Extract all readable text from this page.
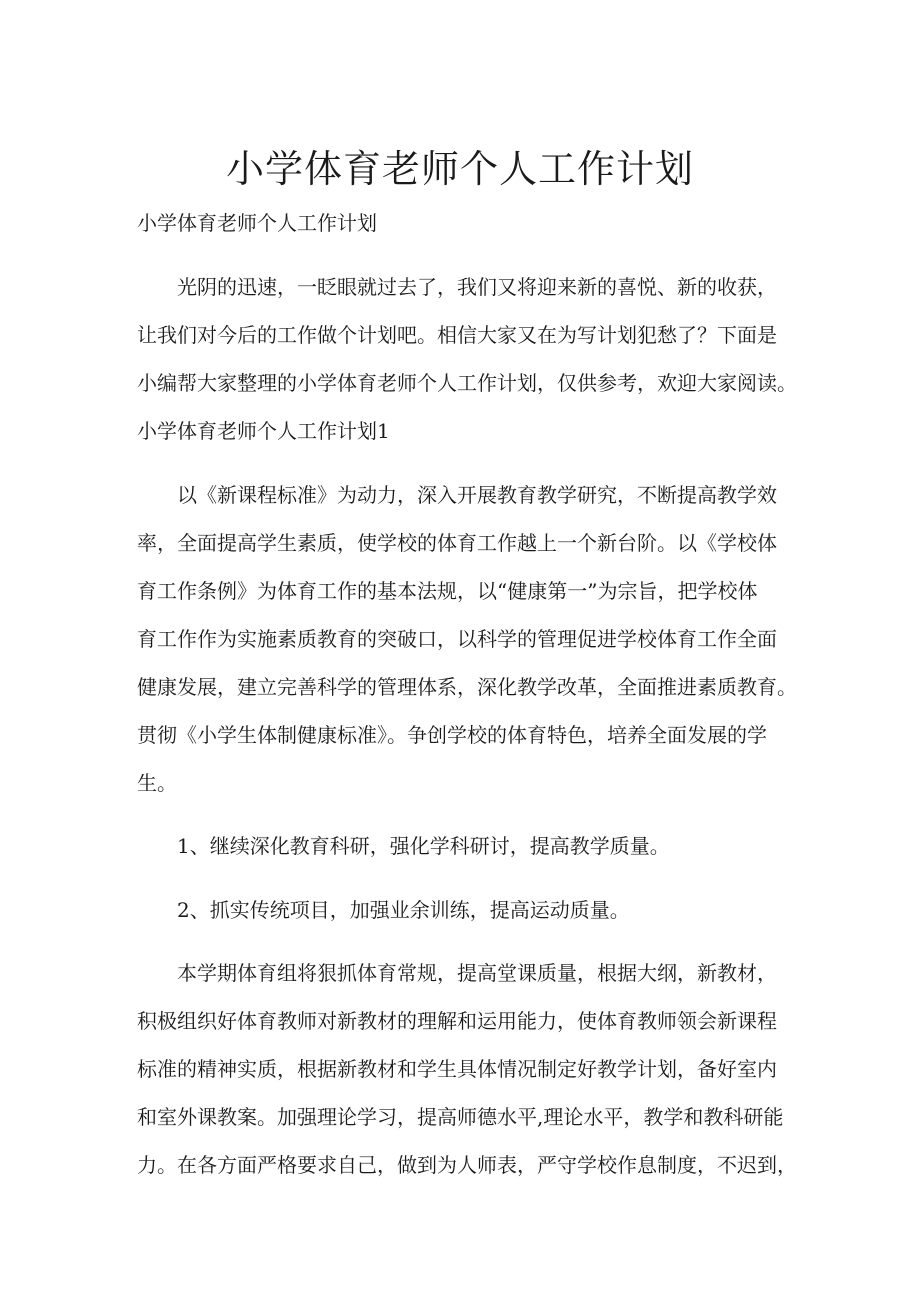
小学体育老师个人工作计划

小学体育老师个人工作计划

光阴的迅速，一眨眼就过去了，我们又将迎来新的喜悦、新的收获，

让我们对今后的工作做个计划吧。相信大家又在为写计划犯愁了？下面是

小编帮大家整理的小学体育老师个人工作计划，仅供参考，欢迎大家阅读。

小学体育老师个人工作计划1

以《新课程标准》为动力，深入开展教育教学研究，不断提高教学效

率，全面提高学生素质，使学校的体育工作越上一个新台阶。以《学校体

育工作条例》为体育工作的基本法规，以“健康第一”为宗旨，把学校体

育工作作为实施素质教育的突破口，以科学的管理促进学校体育工作全面

健康发展，建立完善科学的管理体系，深化教学改革，全面推进素质教育。

贯彻《小学生体制健康标准》。争创学校的体育特色，培养全面发展的学

生。

1、继续深化教育科研，强化学科研讨，提高教学质量。

2、抓实传统项目，加强业余训练，提高运动质量。

本学期体育组将狠抓体育常规，提高堂课质量，根据大纲，新教材，

积极组织好体育教师对新教材的理解和运用能力，使体育教师领会新课程

标准的精神实质，根据新教材和学生具体情况制定好教学计划，备好室内

和室外课教案。加强理论学习，提高师德水平,理论水平，教学和教科研能

力。在各方面严格要求自己，做到为人师表，严守学校作息制度，不迟到，
